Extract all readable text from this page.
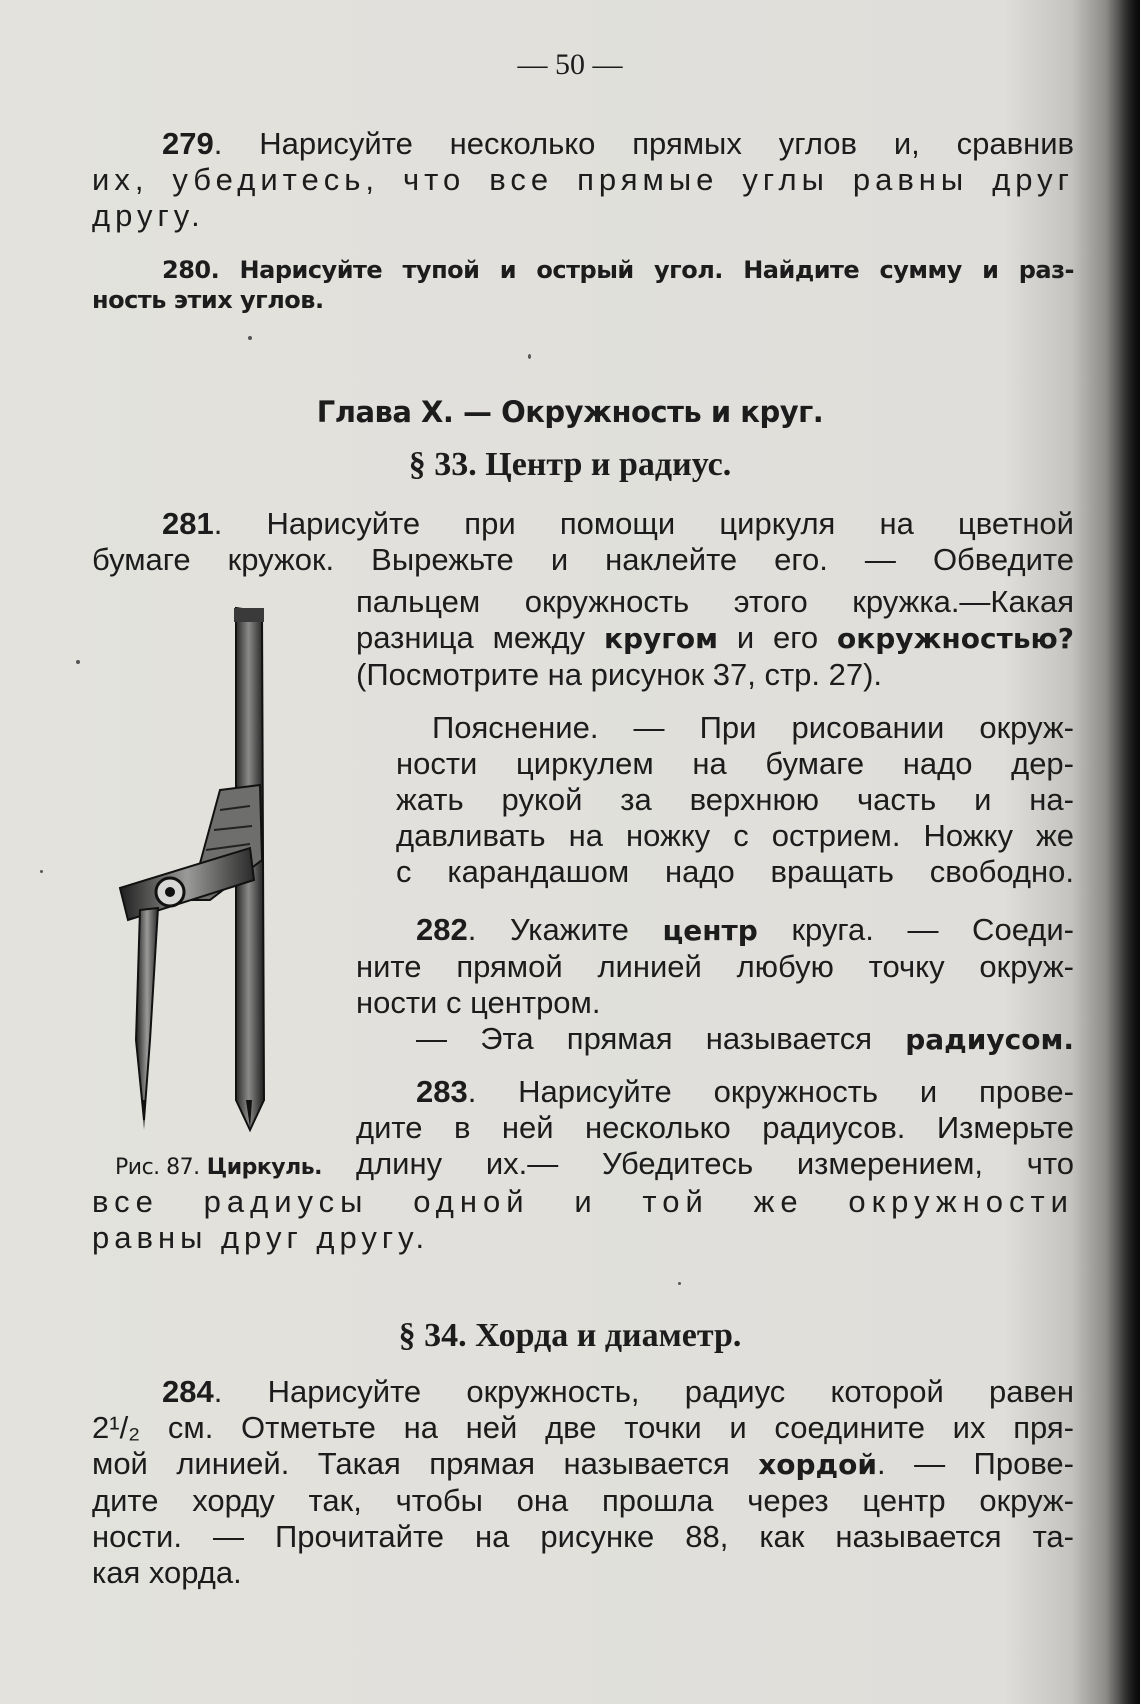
— 50 —

279. Нарисуйте несколько прямых углов и, сравнив

их, убедитесь, что все прямые углы равны друг

другу.

280. Нарисуйте тупой и острый угол. Найдите сумму и раз-

ность этих углов.

Глава X. — Окружность и круг.
§ 33. Центр и радиус.

281. Нарисуйте при помощи циркуля на цветной

бумаге кружок. Вырежьте и наклейте его. — Обведите

пальцем окружность этого кружка.—Какая

разница между кругом и его окружностью?

(Посмотрите на рисунок 37, стр. 27).

Пояснение. — При рисовании окруж-

ности циркулем на бумаге надо дер-

жать рукой за верхнюю часть и на-

давливать на ножку с острием. Ножку же

с карандашом надо вращать свободно.

282. Укажите центр круга. — Соеди-

ните прямой линией любую точку окруж-

ности с центром.

— Эта прямая называется радиусом.

283. Нарисуйте окружность и прове-

дите в ней несколько радиусов. Измерьте

длину их.— Убедитесь измерением, что

все радиусы одной и той же окружности

равны друг другу.

Рис. 87. Циркуль.
§ 34. Хорда и диаметр.

284. Нарисуйте окружность, радиус которой равен

2¹/₂ см. Отметьте на ней две точки и соедините их пря-

мой линией. Такая прямая называется хордой. — Прове-

дите хорду так, чтобы она прошла через центр окруж-

ности. — Прочитайте на рисунке 88, как называется та-

кая хорда.
